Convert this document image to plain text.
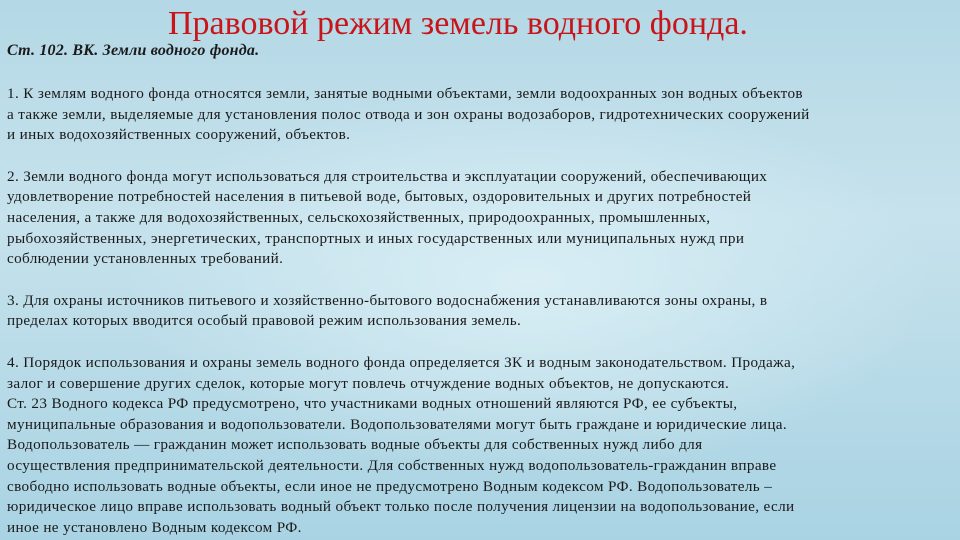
Правовой режим земель водного фонда.

Ст. 102. ВК. Земли водного фонда.

1. К землям водного фонда относятся земли, занятые водными объектами, земли водоохранных зон водных объектов
а также земли, выделяемые для установления полос отвода и зон охраны водозаборов, гидротехнических сооружений
и иных водохозяйственных сооружений, объектов.

2. Земли водного фонда могут использоваться для строительства и эксплуатации сооружений, обеспечивающих
удовлетворение потребностей населения в питьевой воде, бытовых, оздоровительных и других потребностей
населения, а также для водохозяйственных, сельскохозяйственных, природоохранных, промышленных,
рыбохозяйственных, энергетических, транспортных и иных государственных или муниципальных нужд при
соблюдении установленных требований.

3. Для охраны источников питьевого и хозяйственно-бытового водоснабжения устанавливаются зоны охраны, в
пределах которых вводится особый правовой режим использования земель.

4. Порядок использования и охраны земель водного фонда определяется ЗК и водным законодательством. Продажа,
залог и совершение других сделок, которые могут повлечь отчуждение водных объектов, не допускаются.
Ст. 23 Водного кодекса РФ предусмотрено, что участниками водных отношений являются РФ, ее субъекты,
муниципальные образования и водопользователи. Водопользователями могут быть граждане и юридические лица.
Водопользователь — гражданин может использовать водные объекты для собственных нужд либо для
осуществления предпринимательской деятельности. Для собственных нужд водопользователь-гражданин вправе
свободно использовать водные объекты, если иное не предусмотрено Водным кодексом РФ. Водопользователь –
юридическое лицо вправе использовать водный объект только после получения лицензии на водопользование, если
иное не установлено Водным кодексом РФ.
